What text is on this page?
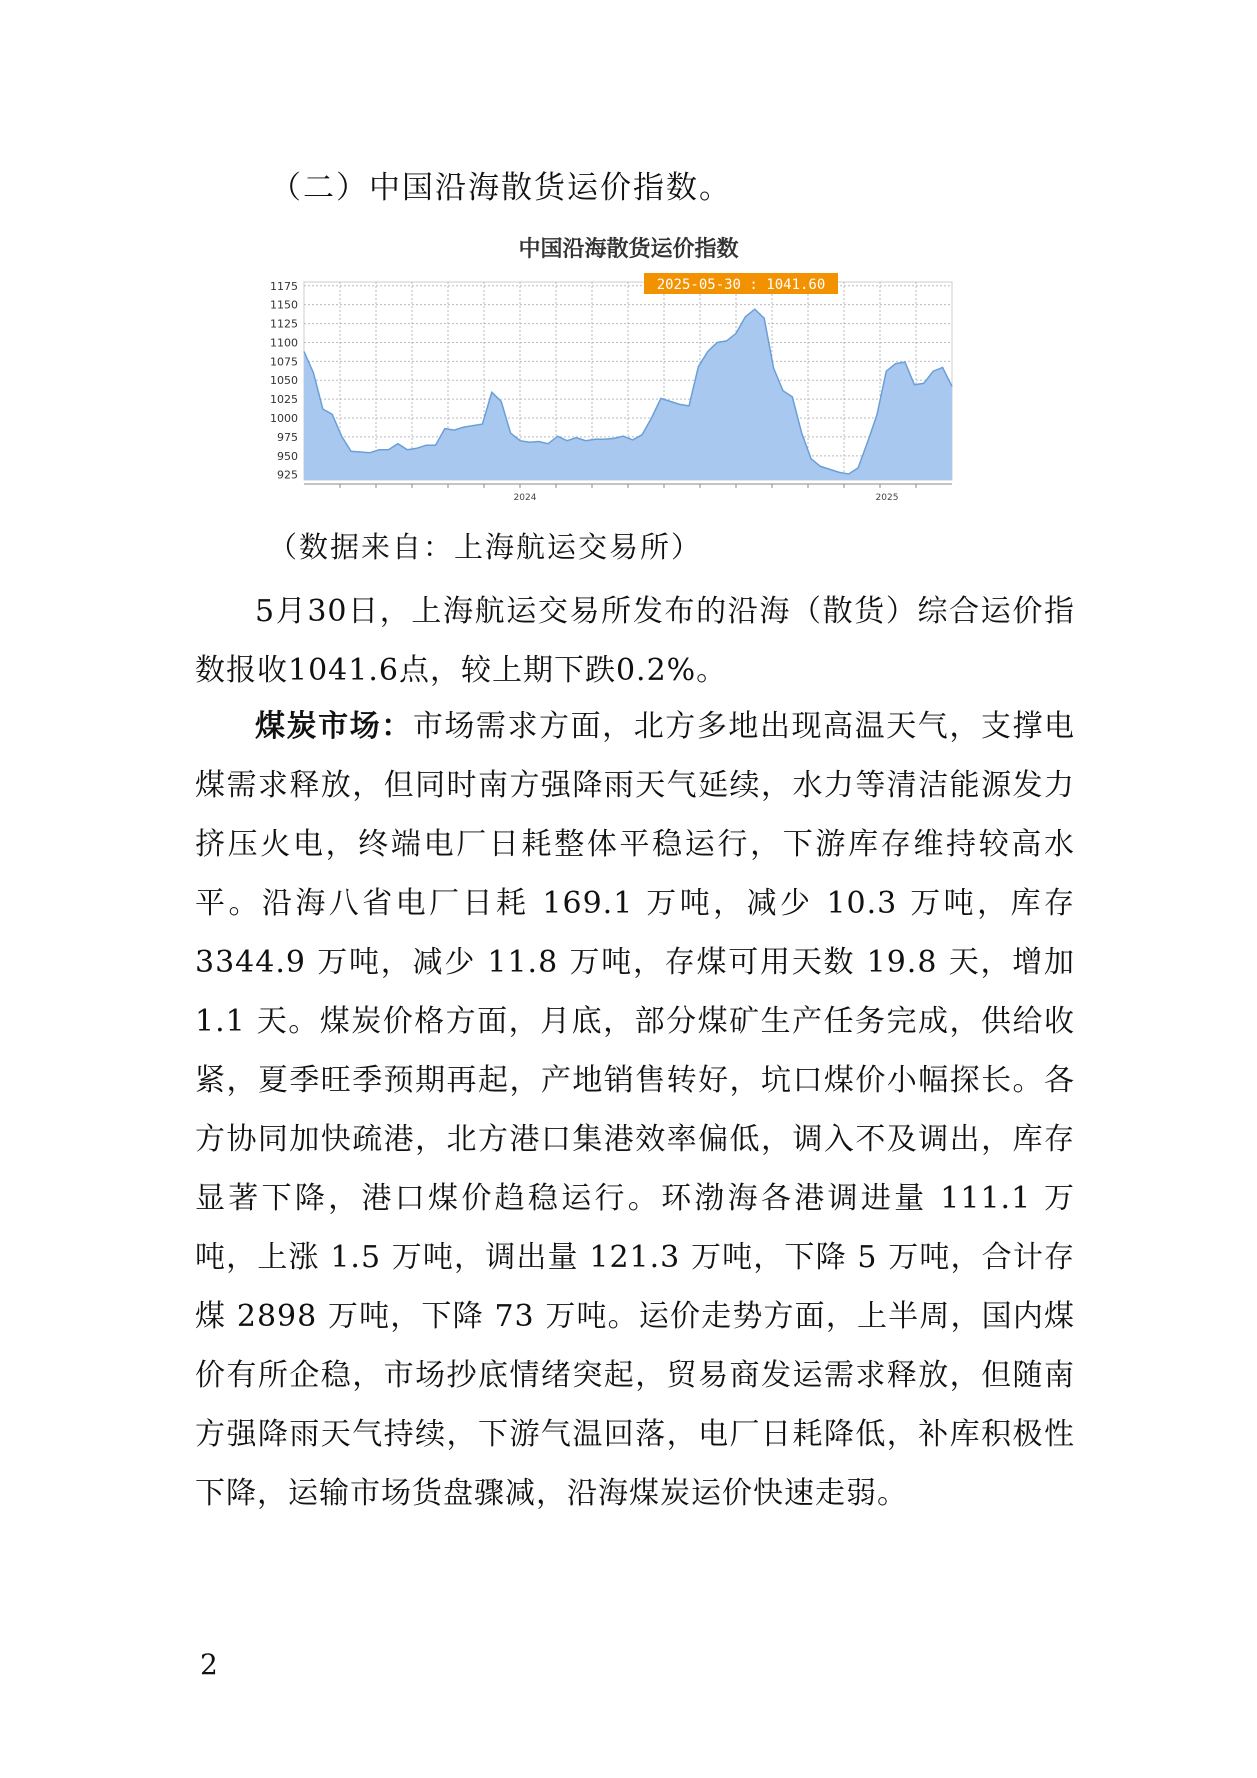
（二）中国沿海散货运价指数。
中国沿海散货运价指数
925
950
975
1000
1025
1050
1075
1100
1125
1150
1175
2024	2025
2025-05-30 : 1041.60
（数据来自：上海航运交易所）

5月30日，上海航运交易所发布的沿海（散货）综合运价指数报收1041.6点，较上期下跌0.2%。

煤炭市场：市场需求方面，北方多地出现高温天气，支撑电煤需求释放，但同时南方强降雨天气延续，水力等清洁能源发力挤压火电，终端电厂日耗整体平稳运行，下游库存维持较高水平。沿海八省电厂日耗 169.1 万吨，减少 10.3 万吨，库存 3344.9 万吨，减少 11.8 万吨，存煤可用天数 19.8 天，增加 1.1 天。煤炭价格方面，月底，部分煤矿生产任务完成，供给收紧，夏季旺季预期再起，产地销售转好，坑口煤价小幅探长。各方协同加快疏港，北方港口集港效率偏低，调入不及调出，库存显著下降，港口煤价趋稳运行。环渤海各港调进量 111.1 万吨，上涨 1.5 万吨，调出量 121.3 万吨，下降 5 万吨，合计存煤 2898 万吨，下降 73 万吨。运价走势方面，上半周，国内煤价有所企稳，市场抄底情绪突起，贸易商发运需求释放，但随南方强降雨天气持续，下游气温回落，电厂日耗降低，补库积极性下降，运输市场货盘骤减，沿海煤炭运价快速走弱。

2
